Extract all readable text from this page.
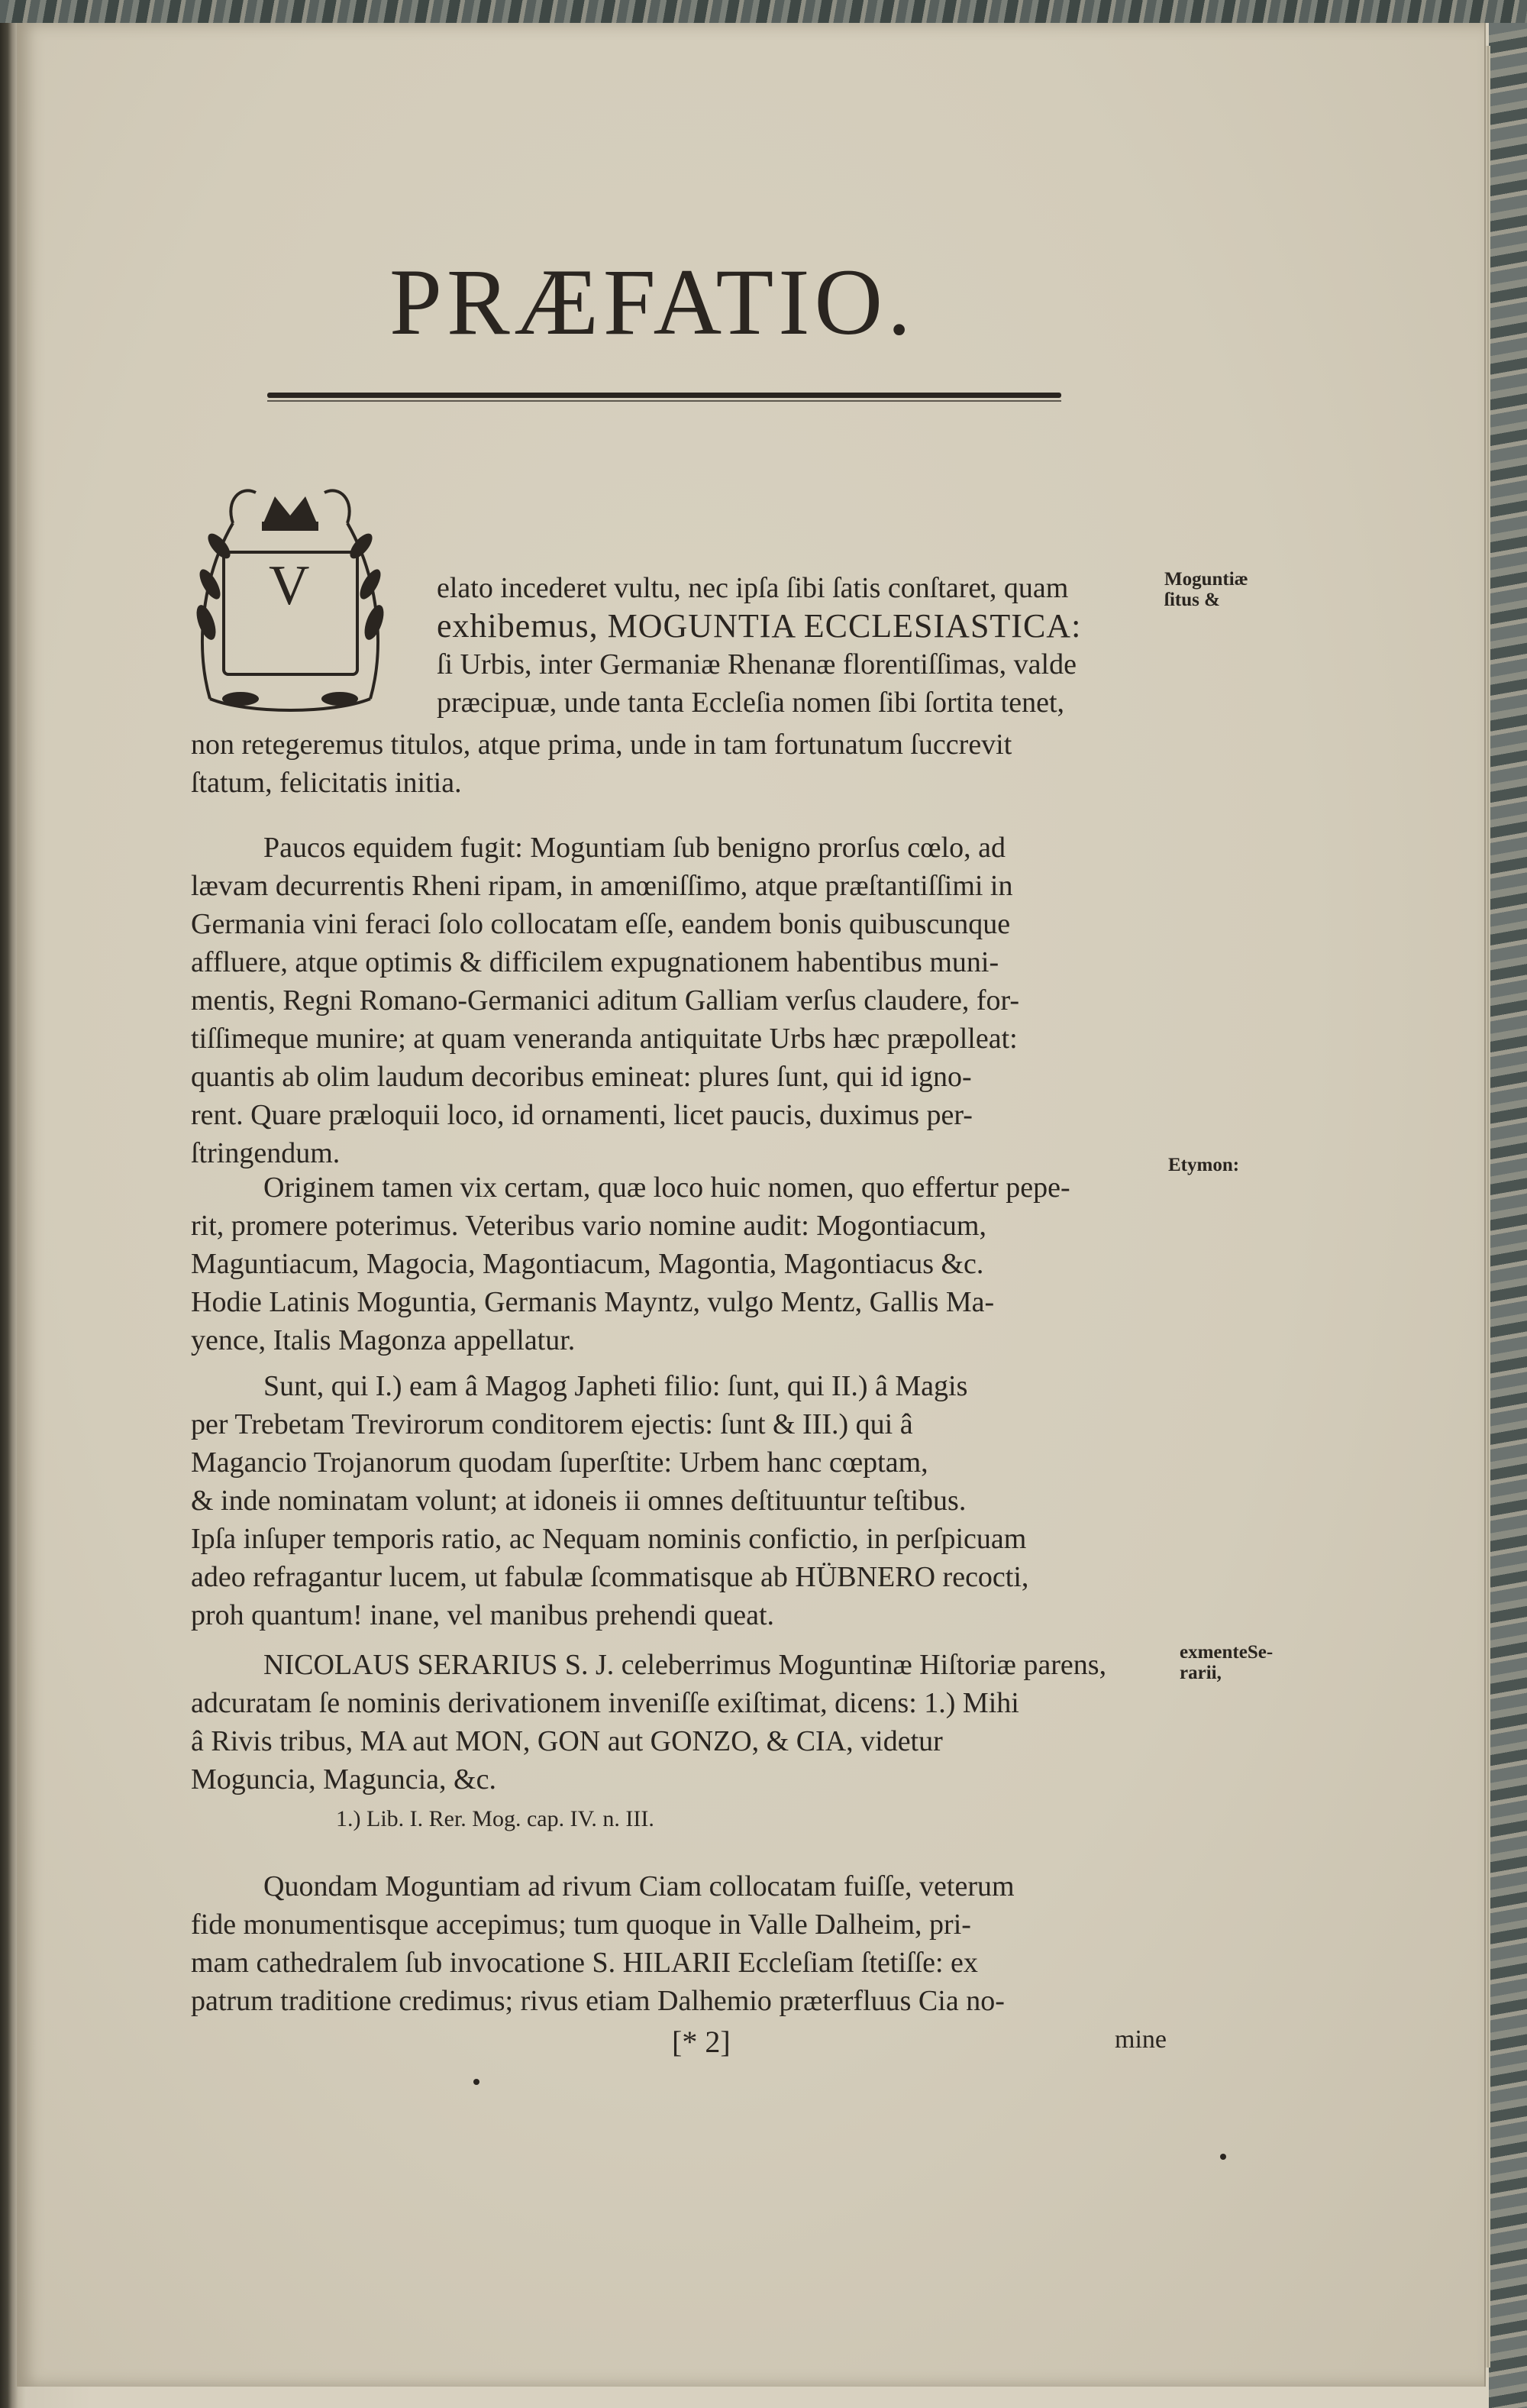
PRÆFATIO.
V	elato incederet vultu, nec ipſa ſibi ſatis conſtaret, quam
exhibemus, MOGUNTIA ECCLESIASTICA:
ſi Urbis, inter Germaniæ Rhenanæ florentiſſimas, valde
præcipuæ, unde tanta Eccleſia nomen ſibi ſortita tenet,
non retegeremus titulos, atque prima, unde in tam fortunatum ſuccrevit
ſtatum, felicitatis initia.
Paucos equidem fugit: Moguntiam ſub benigno prorſus cœlo, ad
lævam decurrentis Rheni ripam, in amœniſſimo, atque præſtantiſſimi in
Germania vini feraci ſolo collocatam eſſe, eandem bonis quibuscunque
affluere, atque optimis & difficilem expugnationem habentibus muni-
mentis, Regni Romano-Germanici aditum Galliam verſus claudere, for-
tiſſimeque munire; at quam veneranda antiquitate Urbs hæc præpolleat:
quantis ab olim laudum decoribus emineat: plures ſunt, qui id igno-
rent. Quare præloquii loco, id ornamenti, licet paucis, duximus per-
ſtringendum.
Originem tamen vix certam, quæ loco huic nomen, quo effertur pepe-
rit, promere poterimus. Veteribus vario nomine audit: Mogontiacum,
Maguntiacum, Magocia, Magontiacum, Magontia, Magontiacus &c.
Hodie Latinis Moguntia, Germanis Mayntz, vulgo Mentz, Gallis Ma-
yence, Italis Magonza appellatur.
Sunt, qui I.) eam â Magog Japheti filio: ſunt, qui II.) â Magis
per Trebetam Trevirorum conditorem ejectis: ſunt & III.) qui â
Magancio Trojanorum quodam ſuperſtite: Urbem hanc cœptam,
& inde nominatam volunt; at idoneis ii omnes deſtituuntur teſtibus.
Ipſa inſuper temporis ratio, ac Nequam nominis confictio, in perſpicuam
adeo refragantur lucem, ut fabulæ ſcommatisque ab HÜBNERO recocti,
proh quantum! inane, vel manibus prehendi queat.
NICOLAUS SERARIUS S. J. celeberrimus Moguntinæ Hiſtoriæ parens,
adcuratam ſe nominis derivationem inveniſſe exiſtimat, dicens: 1.) Mihi
â Rivis tribus, MA aut MON, GON aut GONZO, & CIA, videtur
Moguncia, Maguncia, &c.
1.) Lib. I. Rer. Mog. cap. IV. n. III.
Quondam Moguntiam ad rivum Ciam collocatam fuiſſe, veterum
fide monumentisque accepimus; tum quoque in Valle Dalheim, pri-
mam cathedralem ſub invocatione S. HILARII Eccleſiam ſtetiſſe: ex
patrum traditione credimus; rivus etiam Dalhemio præterfluus Cia no-
[* 2]	mine
Moguntiæ
ſitus &
Etymon:
exmenteSe-
rarii,
